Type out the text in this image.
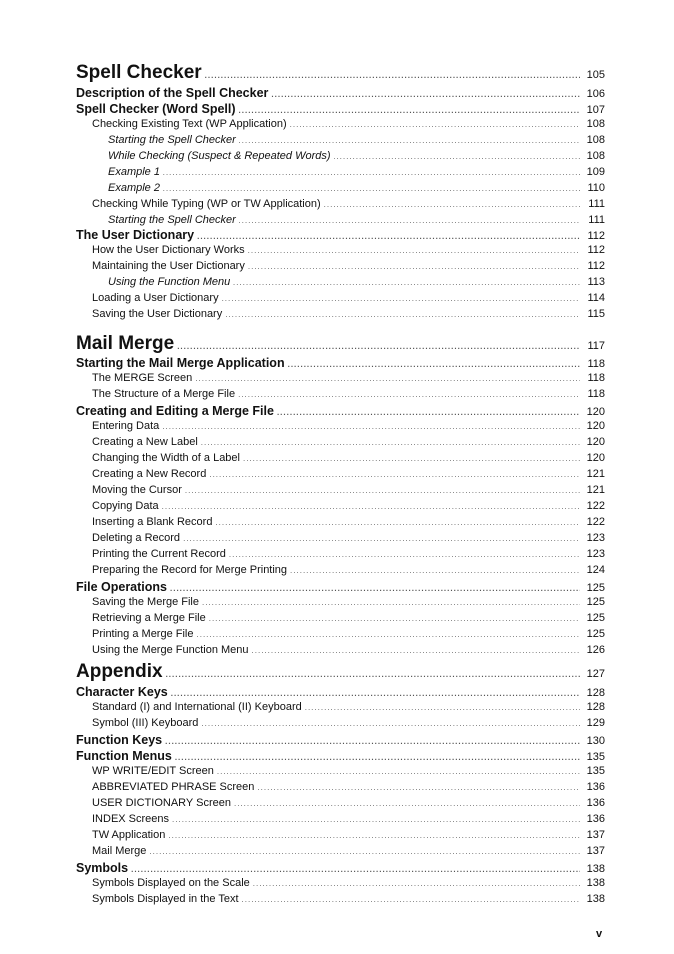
Spell Checker .....	105
Description of the Spell Checker .....	106
Spell Checker (Word Spell) .....	107
Checking Existing Text (WP Application) .....	108
Starting the Spell Checker .....	108
While Checking (Suspect & Repeated Words) .....	108
Example 1 .....	109
Example 2 .....	110
Checking While Typing (WP or TW Application) .....	111
Starting the Spell Checker .....	111
The User Dictionary .....	112
How the User Dictionary Works .....	112
Maintaining the User Dictionary .....	112
Using the Function Menu .....	113
Loading a User Dictionary .....	114
Saving the User Dictionary .....	115
Mail Merge .....	117
Starting the Mail Merge Application .....	118
The MERGE Screen .....	118
The Structure of a Merge File .....	118
Creating and Editing a Merge File .....	120
Entering Data .....	120
Creating a New Label .....	120
Changing the Width of a Label .....	120
Creating a New Record .....	121
Moving the Cursor .....	121
Copying Data .....	122
Inserting a Blank Record .....	122
Deleting a Record .....	123
Printing the Current Record .....	123
Preparing the Record for Merge Printing .....	124
File Operations .....	125
Saving the Merge File .....	125
Retrieving a Merge File .....	125
Printing a Merge File .....	125
Using the Merge Function Menu .....	126
Appendix .....	127
Character Keys .....	128
Standard (I) and International (II) Keyboard .....	128
Symbol (III) Keyboard .....	129
Function Keys .....	130
Function Menus .....	135
WP WRITE/EDIT Screen .....	135
ABBREVIATED PHRASE Screen .....	136
USER DICTIONARY Screen .....	136
INDEX Screens .....	136
TW Application .....	137
Mail Merge .....	137
Symbols .....	138
Symbols Displayed on the Scale .....	138
Symbols Displayed in the Text .....	138
v
